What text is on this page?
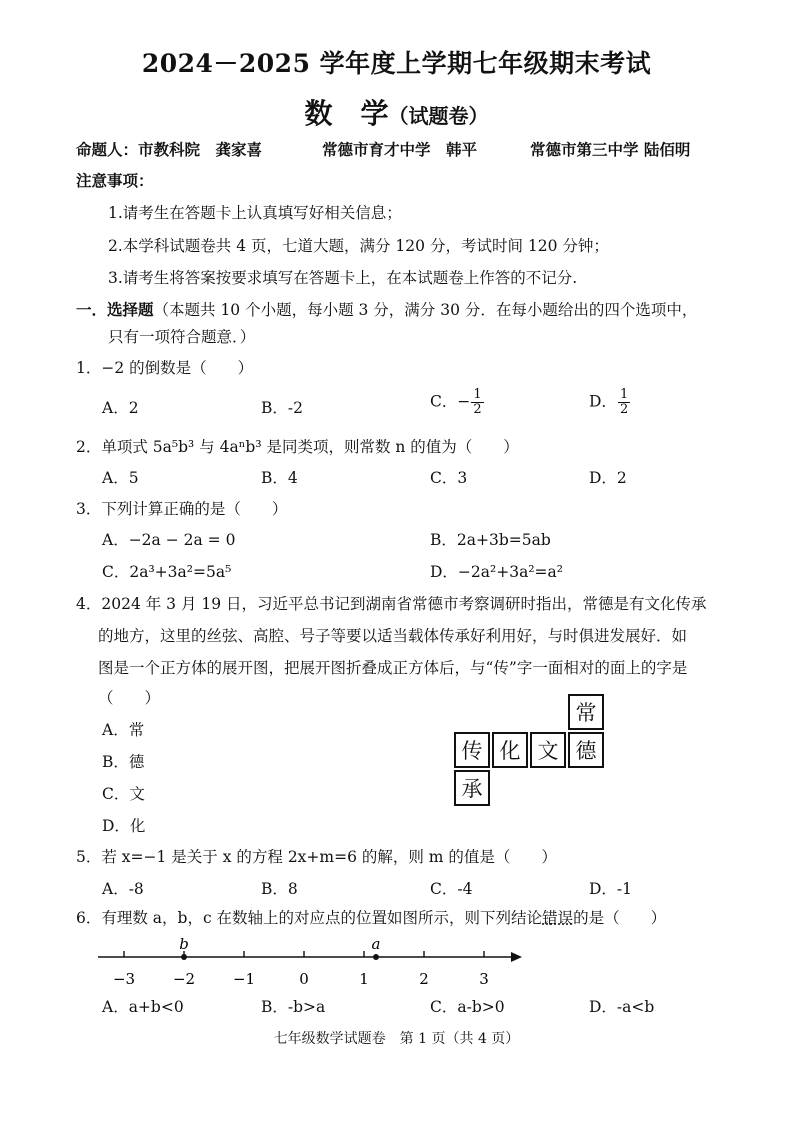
2024－2025 学年度上学期七年级期末考试
数　学（试题卷）
命题人：市教科院　龚家喜	常德市育才中学　韩平	常德市第三中学 陆佰明
注意事项：
1.请考生在答题卡上认真填写好相关信息；
2.本学科试题卷共 4 页，七道大题，满分 120 分，考试时间 120 分钟；
3.请考生将答案按要求填写在答题卡上，在本试题卷上作答的不记分.
一．选择题（本题共 10 个小题，每小题 3 分，满分 30 分．在每小题给出的四个选项中，
只有一项符合题意．）
1．−2 的倒数是（　　）
A．2	B．-2	C．− $\frac{1}{2}$	D． $\frac{1}{2}$
2．单项式 5a⁵b³ 与 4aⁿb³ 是同类项，则常数 n 的值为（　　）
A．5	B．4	C．3	D．2
3．下列计算正确的是（　　）
A．−2a − 2a = 0	B．2a+3b=5ab
C．2a³+3a²=5a⁵	D．−2a²+3a²=a²
4．2024 年 3 月 19 日，习近平总书记到湖南省常德市考察调研时指出，常德是有文化传承
的地方，这里的丝弦、高腔、号子等要以适当载体传承好利用好，与时俱进发展好．如
图是一个正方体的展开图，把展开图折叠成正方体后，与“传”字一面相对的面上的字是
（　　）
A．常
B．德
C．文
D．化
常
传 化 文 德
承
5．若 x=−1 是关于 x 的方程 2x+m=6 的解，则 m 的值是（　　）
A．-8	B．8	C．-4	D．-1
6．有理数 a，b，c 在数轴上的对应点的位置如图所示，则下列结论错误的是（　　）
−3	−2	−1	0	1	2	3
b	a
A．a+b<0	B．-b>a	C．a-b>0	D．-a<b
七年级数学试题卷　第 1 页（共 4 页）
